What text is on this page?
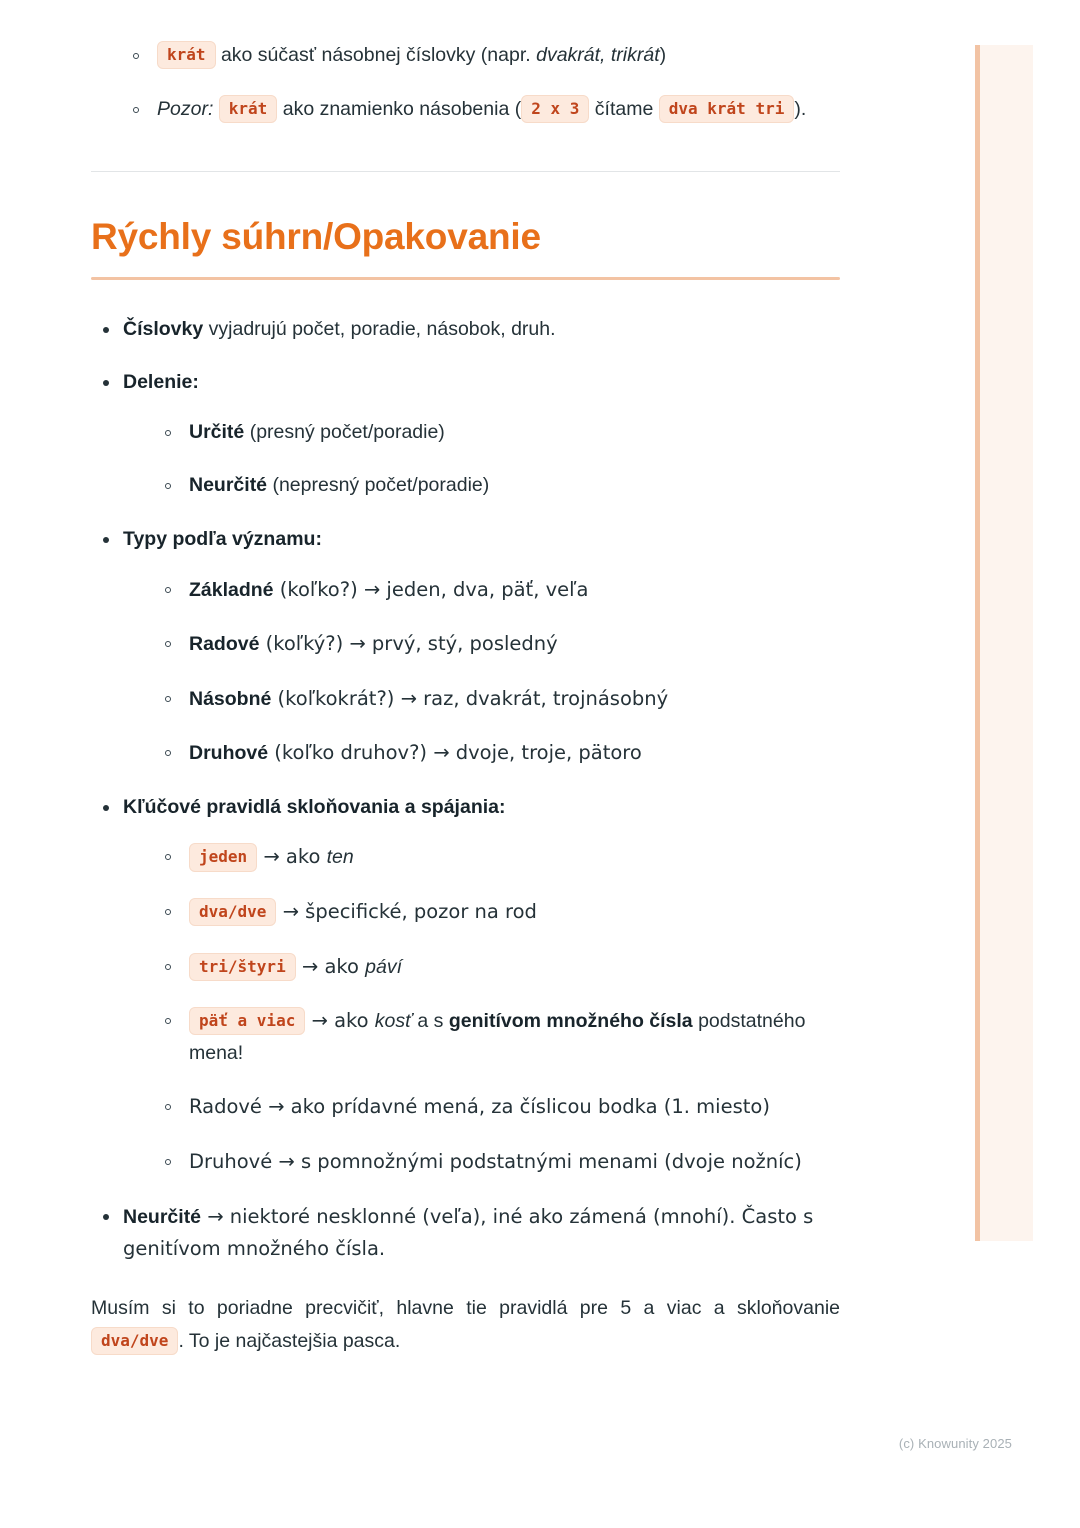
krát ako súčasť násobnej číslovky (napr. dvakrát, trikrát)
Pozor: krát ako znamienko násobenia ( 2 x 3 čítame dva krát tri ).
Rýchly súhrn/Opakovanie
Číslovky vyjadrujú počet, poradie, násobok, druh.
Delenie:
Určité (presný počet/poradie)
Neurčité (nepresný počet/poradie)
Typy podľa významu:
Základné (koľko?) → jeden, dva, päť, veľa
Radové (koľký?) → prvý, stý, posledný
Násobné (koľkokrát?) → raz, dvakrát, trojnásobný
Druhové (koľko druhov?) → dvoje, troje, pätoro
Kľúčové pravidlá skloňovania a spájania:
jeden → ako ten
dva/dve → špecifické, pozor na rod
tri/štyri → ako páví
päť a viac → ako kosť a s genitívom množného čísla podstatného mena!
Radové → ako prídavné mená, za číslicou bodka (1. miesto)
Druhové → s pomnožnými podstatnými menami (dvoje nožníc)
Neurčité → niektoré nesklonné (veľa), iné ako zámená (mnohí). Často s genitívom množného čísla.

Musím si to poriadne precvičiť, hlavne tie pravidlá pre 5 a viac a skloňovanie dva/dve . To je najčastejšia pasca.

(c) Knowunity 2025
